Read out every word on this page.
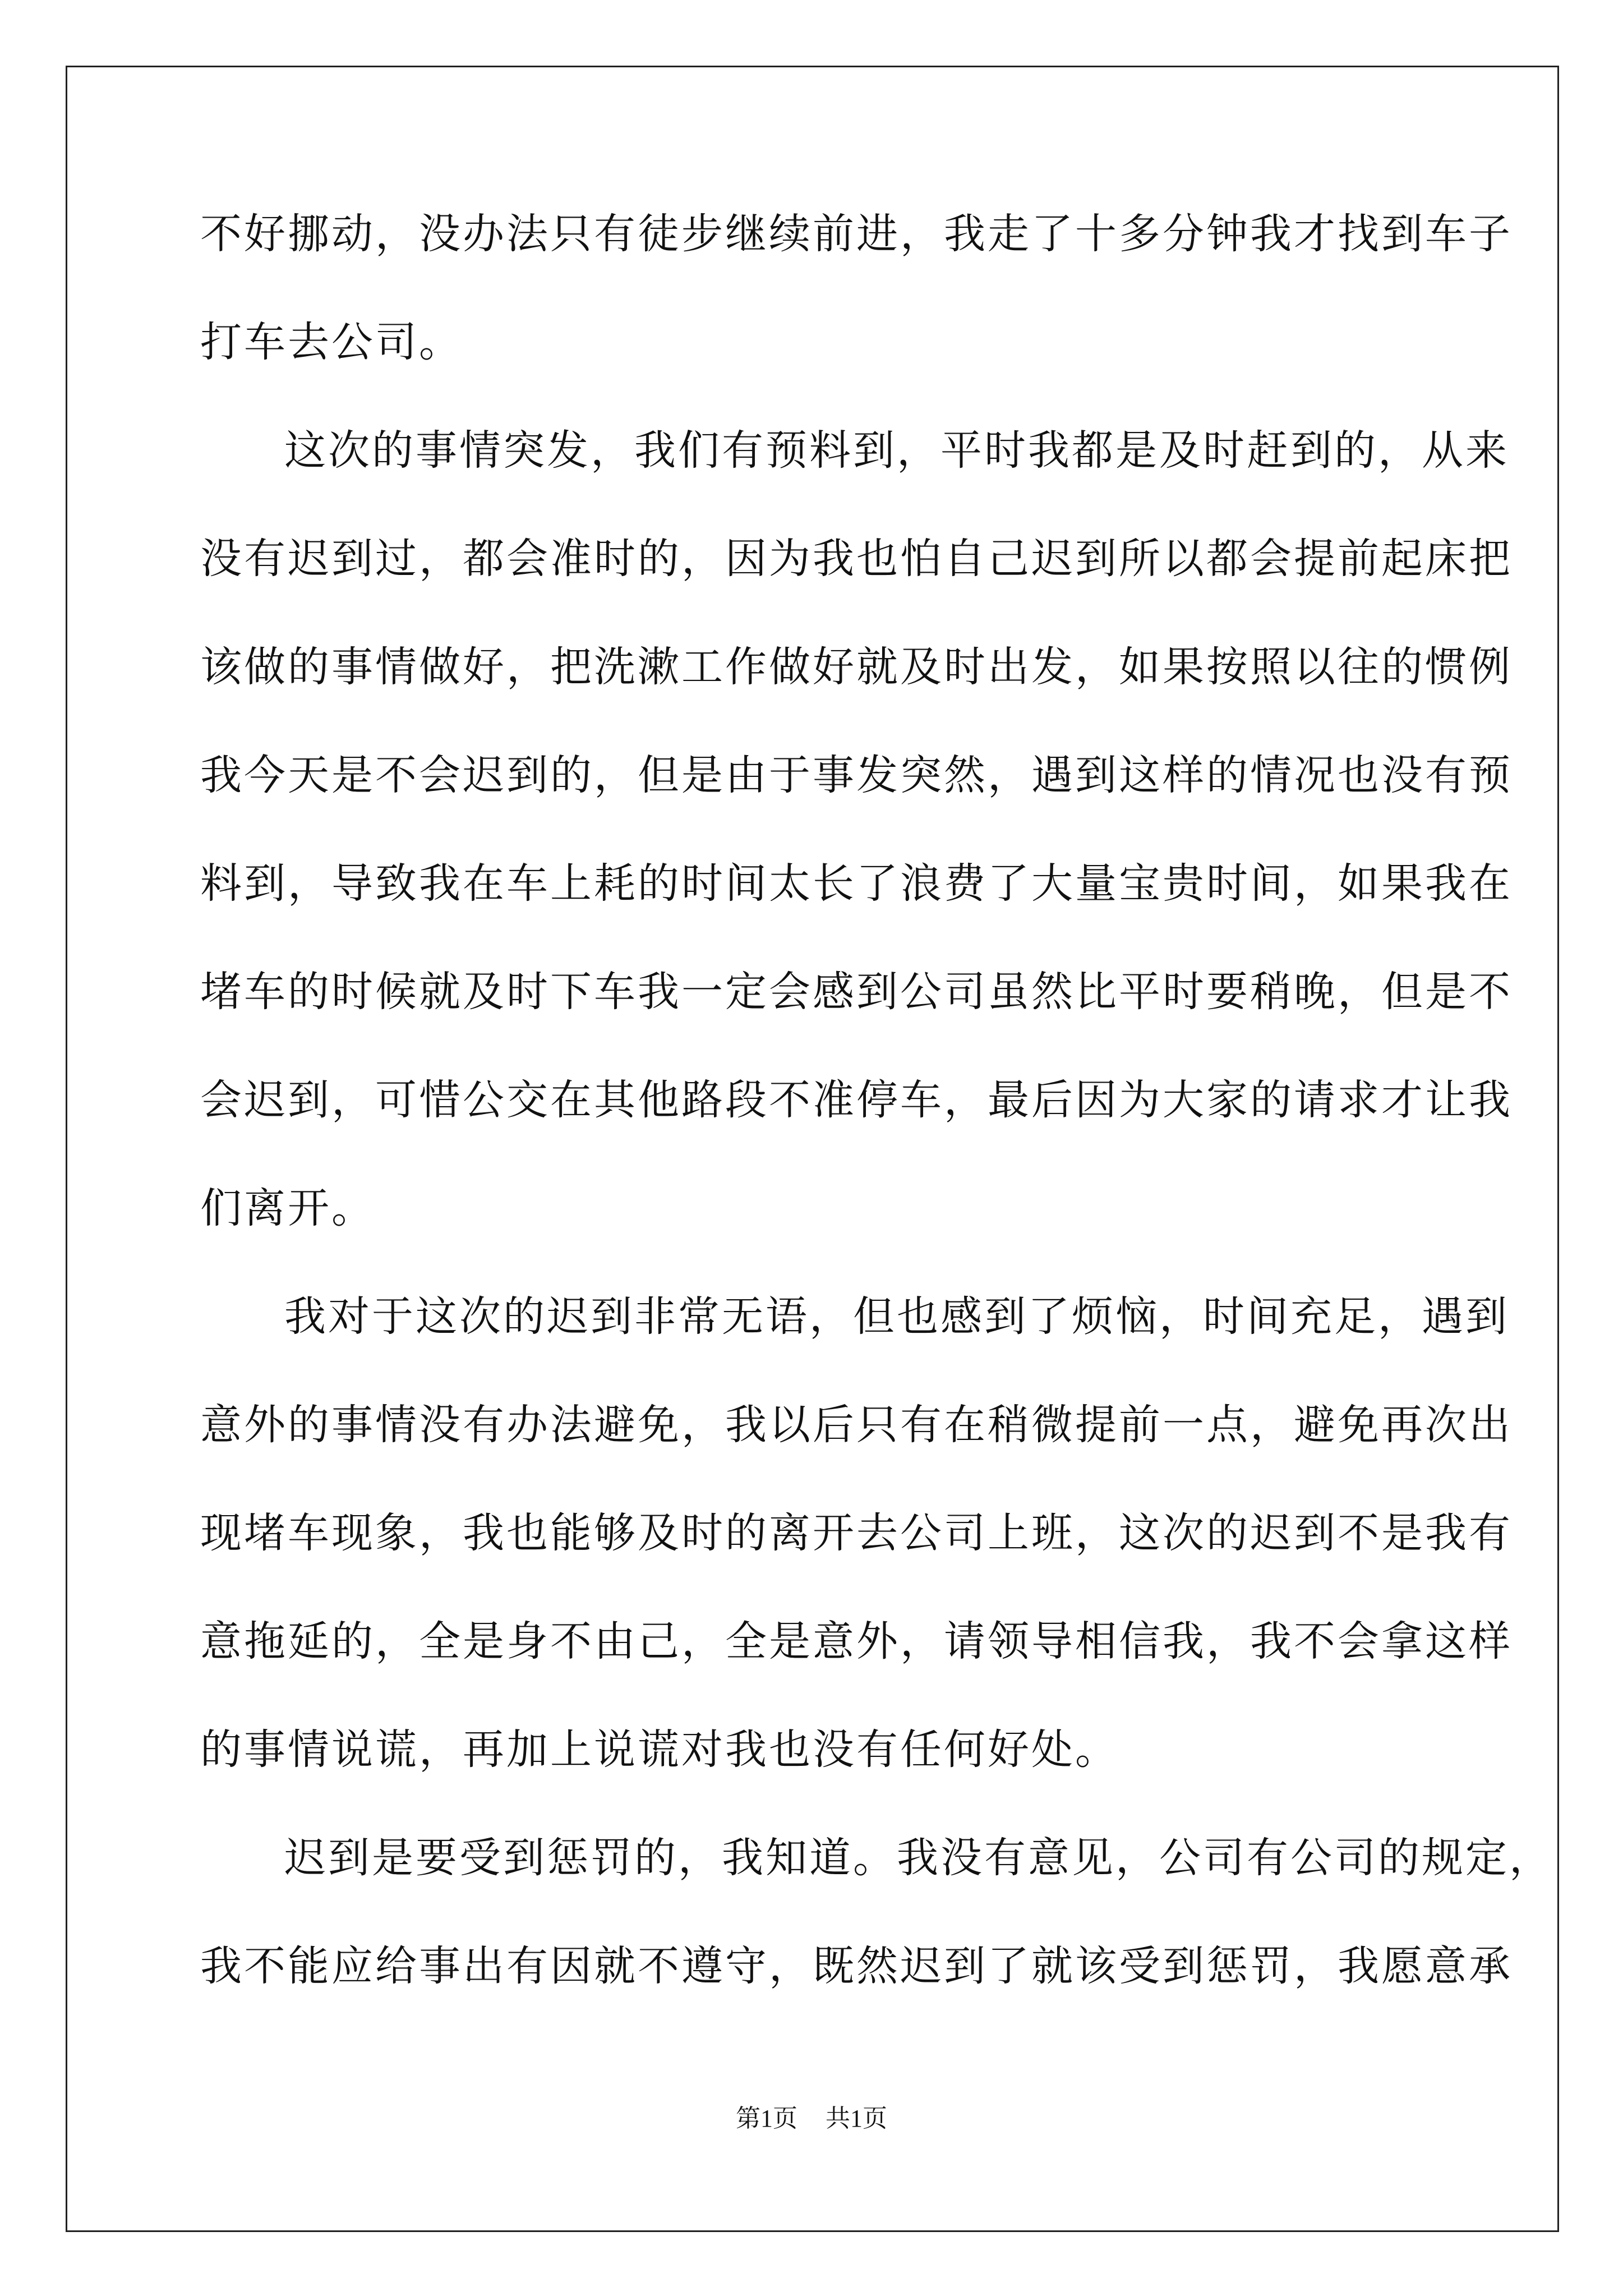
不好挪动，没办法只有徒步继续前进，我走了十多分钟我才找到车子
打车去公司。
这次的事情突发，我们有预料到，平时我都是及时赶到的，从来
没有迟到过，都会准时的，因为我也怕自己迟到所以都会提前起床把
该做的事情做好，把洗漱工作做好就及时出发，如果按照以往的惯例
我今天是不会迟到的，但是由于事发突然，遇到这样的情况也没有预
料到，导致我在车上耗的时间太长了浪费了大量宝贵时间，如果我在
堵车的时候就及时下车我一定会感到公司虽然比平时要稍晚，但是不
会迟到，可惜公交在其他路段不准停车，最后因为大家的请求才让我
们离开。
我对于这次的迟到非常无语，但也感到了烦恼，时间充足，遇到
意外的事情没有办法避免，我以后只有在稍微提前一点，避免再次出
现堵车现象，我也能够及时的离开去公司上班，这次的迟到不是我有
意拖延的，全是身不由己，全是意外，请领导相信我，我不会拿这样
的事情说谎，再加上说谎对我也没有任何好处。
迟到是要受到惩罚的，我知道。我没有意见，公司有公司的规定，
我不能应给事出有因就不遵守，既然迟到了就该受到惩罚，我愿意承
第1页 共1页
